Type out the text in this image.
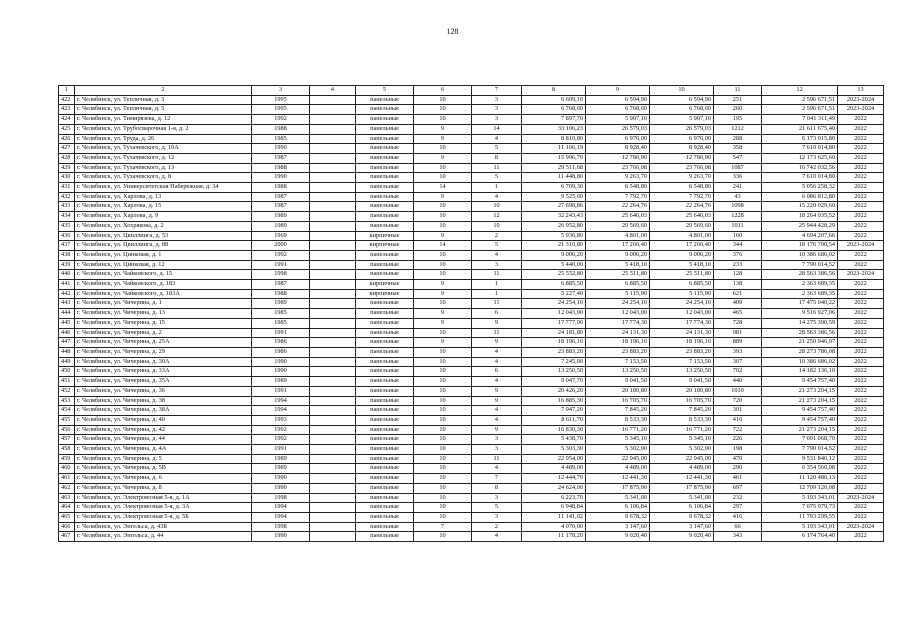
128
1	2	3	4	5	6	7	8	9	10	11	12	13
422	г. Челябинск, ул. Тепличная, д. 3	1995		панельные	10	3	6 609,10	6 594,90	6 594,90	251	2 596 671,51	2023-2024
423	г. Челябинск, ул. Тепличная, д. 5	1995		панельные	10	3	6 768,60	6 768,60	6 768,60	260	2 596 671,51	2023-2024
424	г. Челябинск, ул. Тимирязева, д. 12	1992		панельные	10	3	7 897,70	5 907,10	5 907,10	195	7 041 311,49	2022
425	г. Челябинск, ул. Трубосварочная 1-я, д. 2	1988		панельные	9	14	33 106,23	26 579,03	26 579,03	1212	21 611 675,40	2022
426	г. Челябинск, ул. Труда, д. 26	1985		панельные	9	4	8 810,80	6 970,00	6 970,00	288	6 173 015,80	2022
427	г. Челябинск, ул. Тухачевского, д. 10А	1990		панельные	10	5	11 106,19	8 928,40	8 928,40	358	7 610 014,80	2022
428	г. Челябинск, ул. Тухачевского, д. 12	1987		панельные	9	8	15 996,70	12 780,90	12 780,90	547	12 173 625,60	2022
429	г. Челябинск, ул. Тухачевского, д. 13	1988		панельные	10	11	29 511,68	23 766,08	23 766,08	1087	16 742 032,56	2022
430	г. Челябинск, ул. Тухачевского, д. 8	1990		панельные	10	5	11 448,80	9 263,70	9 263,70	336	7 610 014,80	2022
431	г. Челябинск, ул. Университетская Набережная, д. 34	1988		панельные	14	1	6 709,30	6 548,80	6 548,80	241	5 056 258,32	2022
432	г. Челябинск, ул. Харлова, д. 13	1987		панельные	9	4	9 525,60	7 792,70	7 792,70	43	6 086 812,80	2022
433	г. Челябинск, ул. Харлова, д. 15	1987		панельные	10	10	27 698,86	22 264,76	22 264,76	1098	15 220 029,60	2022
434	г. Челябинск, ул. Харлова, д. 9	1989		панельные	10	12	32 243,43	25 646,03	25 646,03	1228	18 264 035,52	2022
435	г. Челябинск, ул. Хохрякова, д. 2	1989		панельные	10	10	26 952,80	20 569,60	20 569,60	1011	25 944 428,29	2022
436	г. Челябинск, ул. Цвиллинга, д. 53	1969		кирпичные	9	2	5 936,80	4 801,00	4 801,00	160	4 694 207,66	2022
437	г. Челябинск, ул. Цвиллинга, д. 88	2000		кирпичные	14	5	21 310,80	17 266,40	17 266,40	344	18 176 700,54	2023-2024
438	г. Челябинск, ул. Цинковая, д. 1	1992		панельные	10	4	9 006,20	9 006,20	9 006,20	376	10 386 686,02	2022
439	г. Челябинск, ул. Цинковая, д. 12	1991		панельные	10	3	5 440,00	5 418,10	5 418,10	233	7 790 014,52	2022
440	г. Челябинск, ул. Чайковского, д. 15	1998		панельные	10	11	25 552,80	25 511,80	25 511,80	128	28 563 386,56	2023-2024
441	г. Челябинск, ул. Чайковского, д. 183	1987		кирпичные	9	1	6 885,50	6 885,50	6 885,50	138	2 363 689,35	2022
442	г. Челябинск, ул. Чайковского, д. 183А	1988		кирпичные	9	1	5 227,40	5 115,90	5 115,90	621	2 363 689,35	2022
443	г. Челябинск, ул. Чичерина, д. 1	1989		панельные	10	11	24 254,10	24 254,10	24 254,10	409	17 475 040,22	2022
444	г. Челябинск, ул. Чичерина, д. 13	1985		панельные	9	6	12 043,90	12 043,00	12 043,00	465	9 516 927,06	2022
445	г. Челябинск, ул. Чичерина, д. 15	1985		панельные	9	9	17 777,90	17 774,30	17 774,30	728	14 275 390,59	2022
446	г. Челябинск, ул. Чичерина, д. 2	1991		панельные	10	11	24 181,80	24 131,30	24 131,30	981	28 563 386,56	2022
447	г. Челябинск, ул. Чичерина, д. 25А	1986		панельные	9	9	18 196,10	18 196,10	18 196,10	889	21 250 946,97	2022
448	г. Челябинск, ул. Чичерина, д. 29	1986		панельные	10	4	23 883,20	23 883,20	23 883,20	393	28 273 786,08	2022
449	г. Челябинск, ул. Чичерина, д. 30А	1990		панельные	10	4	7 245,00	7 153,50	7 153,50	307	10 386 686,02	2022
450	г. Челябинск, ул. Чичерина, д. 33А	1990		панельные	10	6	13 250,50	13 250,50	13 250,50	702	14 182 136,10	2022
451	г. Челябинск, ул. Чичерина, д. 35А	1989		панельные	10	4	9 047,70	9 041,50	9 041,50	440	9 454 757,40	2022
452	г. Челябинск, ул. Чичерина, д. 36	1991		панельные	10	9	20 426,20	20 180,80	20 180,80	1010	21 273 204,15	2022
453	г. Челябинск, ул. Чичерина, д. 38	1994		панельные	10	9	16 885,30	16 705,70	16 705,70	720	21 273 204,15	2022
454	г. Челябинск, ул. Чичерина, д. 38А	1994		панельные	10	4	7 947,20	7 845,20	7 845,20	301	9 454 757,40	2022
455	г. Челябинск, ул. Чичерина, д. 40	1993		панельные	10	4	8 611,70	8 533,30	8 533,30	416	9 454 757,40	2022
456	г. Челябинск, ул. Чичерина, д. 42	1992		панельные	10	9	16 830,30	16 771,20	16 771,20	722	21 273 204,15	2022
457	г. Челябинск, ул. Чичерина, д. 44	1992		панельные	10	3	5 438,70	5 345,10	5 345,10	226	7 091 068,70	2022
458	г. Челябинск, ул. Чичерина, д. 4А	1991		панельные	10	3	5 303,30	5 302,90	5 302,90	198	7 790 014,52	2022
459	г. Челябинск, ул. Чичерина, д. 5	1989		панельные	10	11	22 954,00	22 945,00	22 945,00	470	9 531 840,12	2022
460	г. Челябинск, ул. Чичерина, д. 5В	1989		панельные	10	4	4 489,00	4 489,00	4 489,00	290	6 354 560,08	2022
461	г. Челябинск, ул. Чичерина, д. 6	1990		панельные	10	7	12 444,70	12 441,30	12 441,30	461	11 120 480,13	2022
462	г. Челябинск, ул. Чичерина, д. 8	1990		панельные	10	8	24 624,00	17 875,90	17 875,90	697	12 709 120,08	2022
463	г. Челябинск, ул. Электровозная 5-я, д. 1А	1998		панельные	10	3	6 223,70	5 341,00	5 341,00	232	5 193 343,01	2023-2024
464	г. Челябинск, ул. Электровозная 5-я, д. 3А	1994		панельные	10	5	6 948,84	6 106,84	6 106,84	297	7 075 979,73	2022
465	г. Челябинск, ул. Электровозная 5-я, д. 5Б	1994		панельные	10	3	11 141,02	9 678,32	9 678,32	416	11 793 299,55	2022
466	г. Челябинск, ул. Энгельса, д. 43Б	1998		панельные	7	2	4 070,00	3 147,60	3 147,60	66	5 193 343,01	2023-2024
467	г. Челябинск, ул. Энгельса, д. 44	1990		панельные	10	4	11 178,20	9 020,40	9 020,40	343	6 174 764,40	2022
